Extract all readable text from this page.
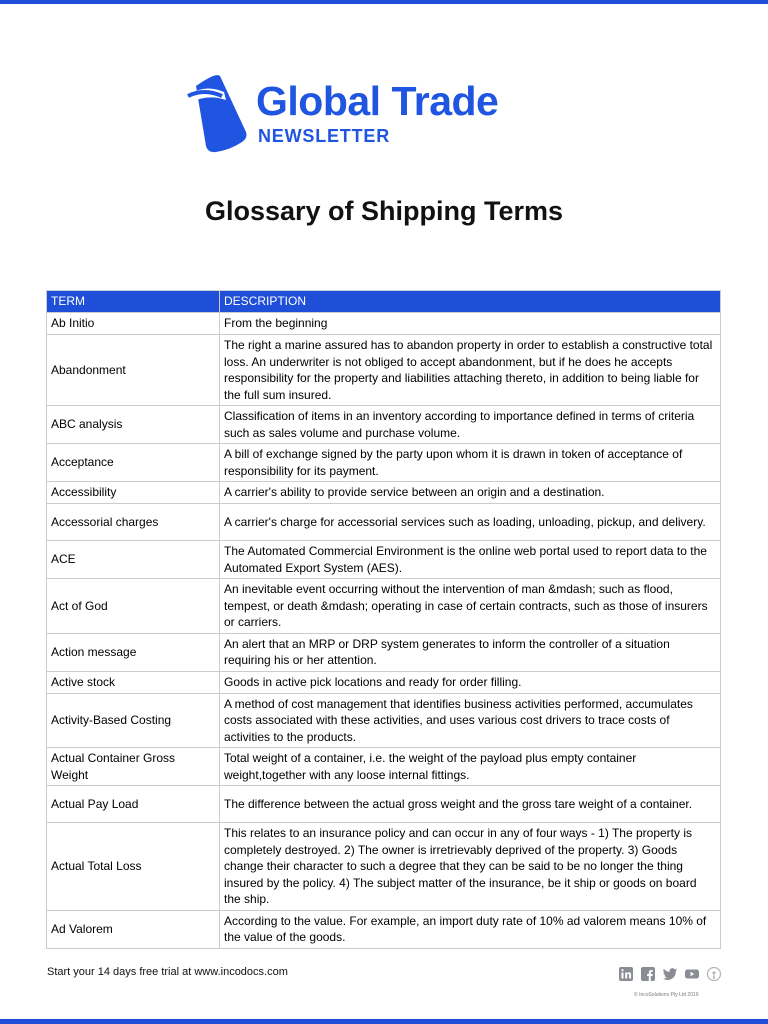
Global Trade
NEWSLETTER
Glossary of Shipping Terms
TERM	DESCRIPTION
Ab Initio	From the beginning
Abandonment	The right a marine assured has to abandon property in order to establish a constructive total loss. An underwriter is not obliged to accept abandonment, but if he does he accepts responsibility for the property and liabilities attaching thereto, in addition to being liable for the full sum insured.
ABC analysis	Classification of items in an inventory according to importance defined in terms of criteria such as sales volume and purchase volume.
Acceptance	A bill of exchange signed by the party upon whom it is drawn in token of acceptance of responsibility for its payment.
Accessibility	A carrier's ability to provide service between an origin and a destination.
Accessorial charges	A carrier's charge for accessorial services such as loading, unloading, pickup, and delivery.
ACE	The Automated Commercial Environment is the online web portal used to report data to the Automated Export System (AES).
Act of God	An inevitable event occurring without the intervention of man &mdash; such as flood, tempest, or death &mdash; operating in case of certain contracts, such as those of insurers or carriers.
Action message	An alert that an MRP or DRP system generates to inform the controller of a situation requiring his or her attention.
Active stock	Goods in active pick locations and ready for order filling.
Activity-Based Costing	A method of cost management that identifies business activities performed, accumulates costs associated with these activities, and uses various cost drivers to trace costs of activities to the products.
Actual Container Gross Weight	Total weight of a container, i.e. the weight of the payload plus empty container weight,together with any loose internal fittings.
Actual Pay Load	The difference between the actual gross weight and the gross tare weight of a container.
Actual Total Loss	This relates to an insurance policy and can occur in any of four ways - 1) The property is completely destroyed. 2) The owner is irretrievably deprived of the property. 3) Goods change their character to such a degree that they can be said to be no longer the thing insured by the policy. 4) The subject matter of the insurance, be it ship or goods on board the ship.
Ad Valorem	According to the value. For example, an import duty rate of 10% ad valorem means 10% of the value of the goods.
Start your 14 days free trial at www.incodocs.com
© IncoSolutions Pty Ltd 2019
